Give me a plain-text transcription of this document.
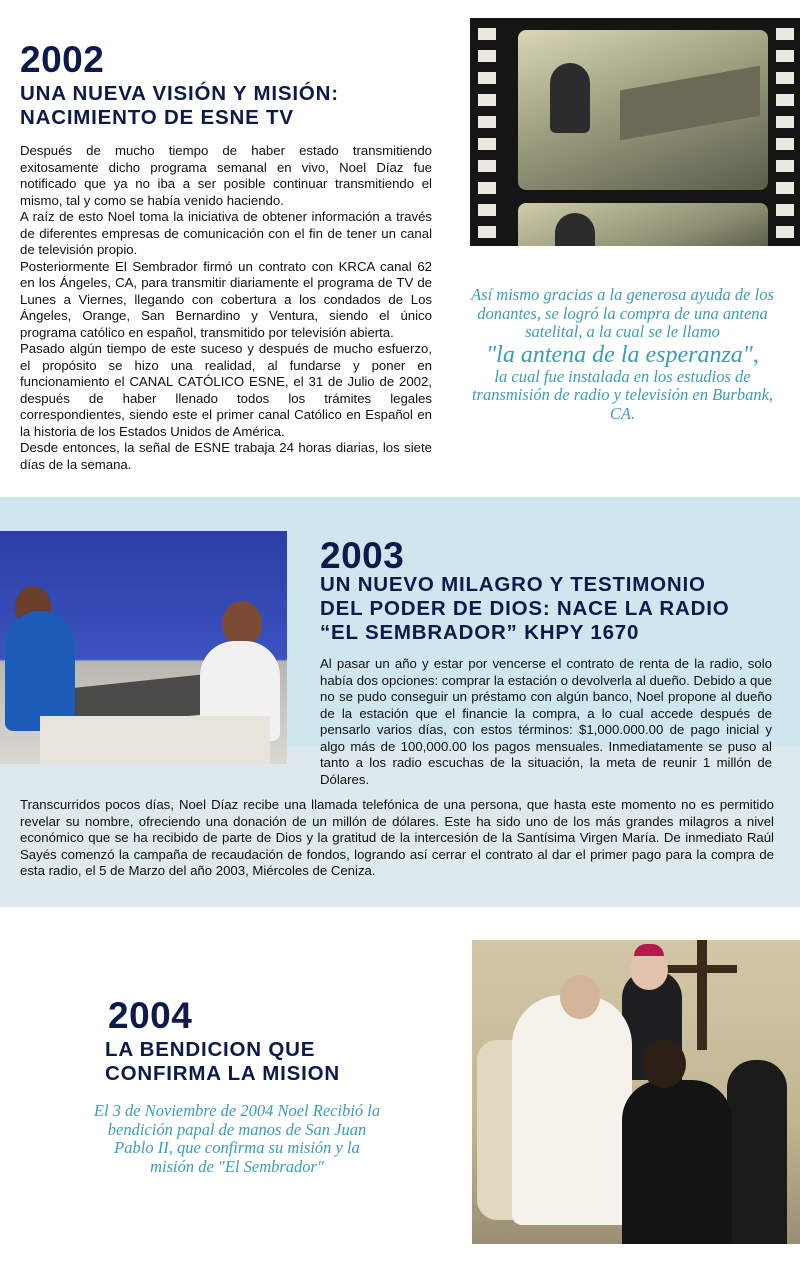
2002
UNA NUEVA VISIÓN Y MISIÓN:
NACIMIENTO DE ESNE TV

Después de mucho tiempo de haber estado transmitiendo exitosamente dicho programa semanal en vivo, Noel Díaz fue notificado que ya no iba a ser posible continuar transmitiendo el mismo, tal y como se había venido haciendo.

A raíz de esto Noel toma la iniciativa de obtener información a través de diferentes empresas de comunicación con el fin de tener un canal de televisión propio.

Posteriormente El Sembrador firmó un contrato con KRCA canal 62 en los Ángeles, CA, para transmitir diariamente el programa de TV de Lunes a Viernes, llegando con cobertura a los condados de Los Ángeles, Orange, San Bernardino y Ventura, siendo el único programa católico en español, transmitido por televisión abierta.

Pasado algún tiempo de este suceso y después de mucho esfuerzo, el propósito se hizo una realidad, al fundarse y poner en funcionamiento el CANAL CATÓLICO ESNE, el 31 de Julio de 2002, después de haber llenado todos los trámites legales correspondientes, siendo este el primer canal Católico en Español en la historia de los Estados Unidos de América.

Desde entonces, la señal de ESNE trabaja 24 horas diarias, los siete días de la semana.

Así mismo gracias a la generosa ayuda de los donantes, se logró la compra de una antena satelital, a la cual se le llamo
"la antena de la esperanza",
la cual fue instalada en los estudios de transmisión de radio y televisión en Burbank, CA.
2003
UN NUEVO MILAGRO Y TESTIMONIO
DEL PODER DE DIOS: NACE LA RADIO
“EL SEMBRADOR” KHPY 1670
Al pasar un año y estar por vencerse el contrato de renta de la radio, solo había dos opciones: comprar la estación o devolverla al dueño. Debido a que no se pudo conseguir un préstamo con algún banco, Noel propone al dueño de la estación que el financie la compra, a lo cual accede después de pensarlo varios días, con estos términos: $1,000.000.00 de pago inicial y algo más de 100,000.00 los pagos mensuales. Inmediatamente se puso al tanto a los radio escuchas de la situación, la meta de reunir 1 millón de Dólares.
Transcurridos pocos días, Noel Díaz recibe una llamada telefónica de una persona, que hasta este momento no es permitido revelar su nombre, ofreciendo una donación de un millón de dólares. Este ha sido uno de los más grandes milagros a nivel económico que se ha recibido de parte de Dios y la gratitud de la intercesión de la Santísima Virgen María. De inmediato Raúl Sayés comenzó la campaña de recaudación de fondos, logrando así cerrar el contrato al dar el primer pago para la compra de esta radio, el 5 de Marzo del año 2003, Miércoles de Ceniza.
2004
LA BENDICION QUE
CONFIRMA LA MISION
El 3 de Noviembre de 2004 Noel Recibió la bendición papal de manos de San Juan Pablo II, que confirma su misión y la misión de "El Sembrador"
